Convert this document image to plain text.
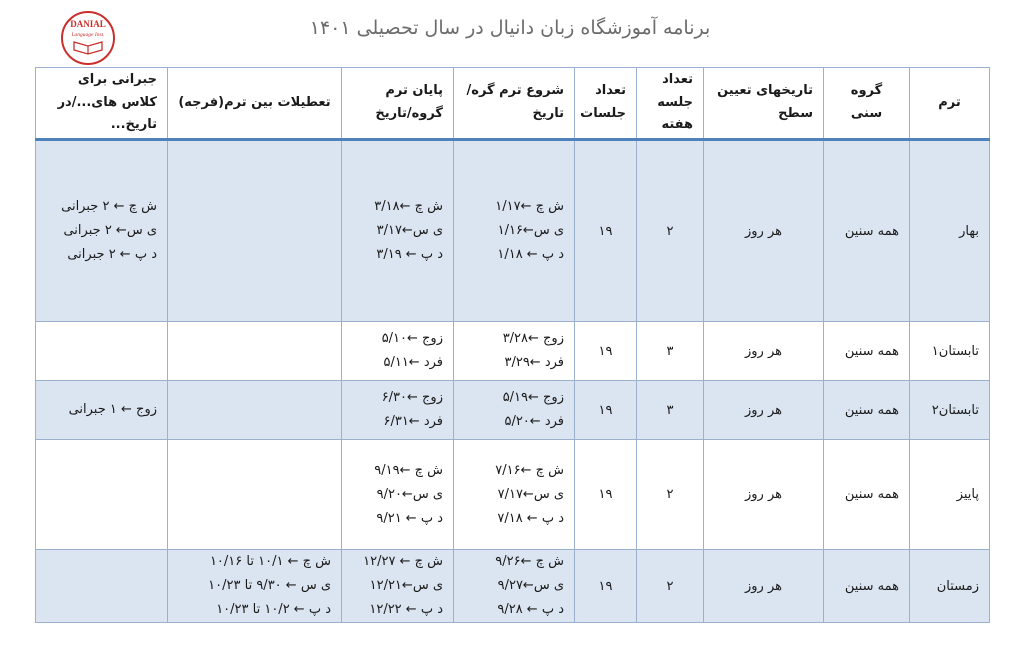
DANIAL
Language Inst.	برنامه آموزشگاه زبان دانیال در سال تحصیلی ۱۴۰۱
ترم	گروه سنی	تاریخهای تعیین سطح	تعداد جلسه هفته	تعداد جلسات	شروع ترم گره/تاریخ	پایان ترم گروه/تاریخ	تعطیلات بین ترم(فرجه)	جبرانی برای کلاس های.../در تاریخ...
بهار	همه سنین	هر روز	۲	۱۹	ش چ ←۱/۱۷
ی س←۱/۱۶
د پ ← ۱/۱۸	ش چ ←۳/۱۸
ی س←۳/۱۷
د پ ← ۳/۱۹		ش چ ← ۲ جبرانی
ی س← ۲ جبرانی
د پ ← ۲ جبرانی

تابستان۱	همه سنین	هر روز	۳	۱۹	زوج ←۳/۲۸
فرد ←۳/۲۹	زوج ←۵/۱۰
فرد ←۵/۱۱		

تابستان۲	همه سنین	هر روز	۳	۱۹	زوج ←۵/۱۹
فرد ←۵/۲۰	زوج ←۶/۳۰
فرد ←۶/۳۱		زوج ← ۱ جبرانی

پاییز	همه سنین	هر روز	۲	۱۹	ش چ ←۷/۱۶
ی س←۷/۱۷
د پ ← ۷/۱۸	ش چ ←۹/۱۹
ی س←۹/۲۰
د پ ← ۹/۲۱		

زمستان	همه سنین	هر روز	۲	۱۹	ش چ ←۹/۲۶
ی س←۹/۲۷
د پ ← ۹/۲۸	ش چ ← ۱۲/۲۷
ی س←۱۲/۲۱
د پ ← ۱۲/۲۲	ش چ ← ۱۰/۱ تا ۱۰/۱۶
ی س ← ۹/۳۰ تا ۱۰/۲۳
د پ ← ۱۰/۲ تا ۱۰/۲۳	
